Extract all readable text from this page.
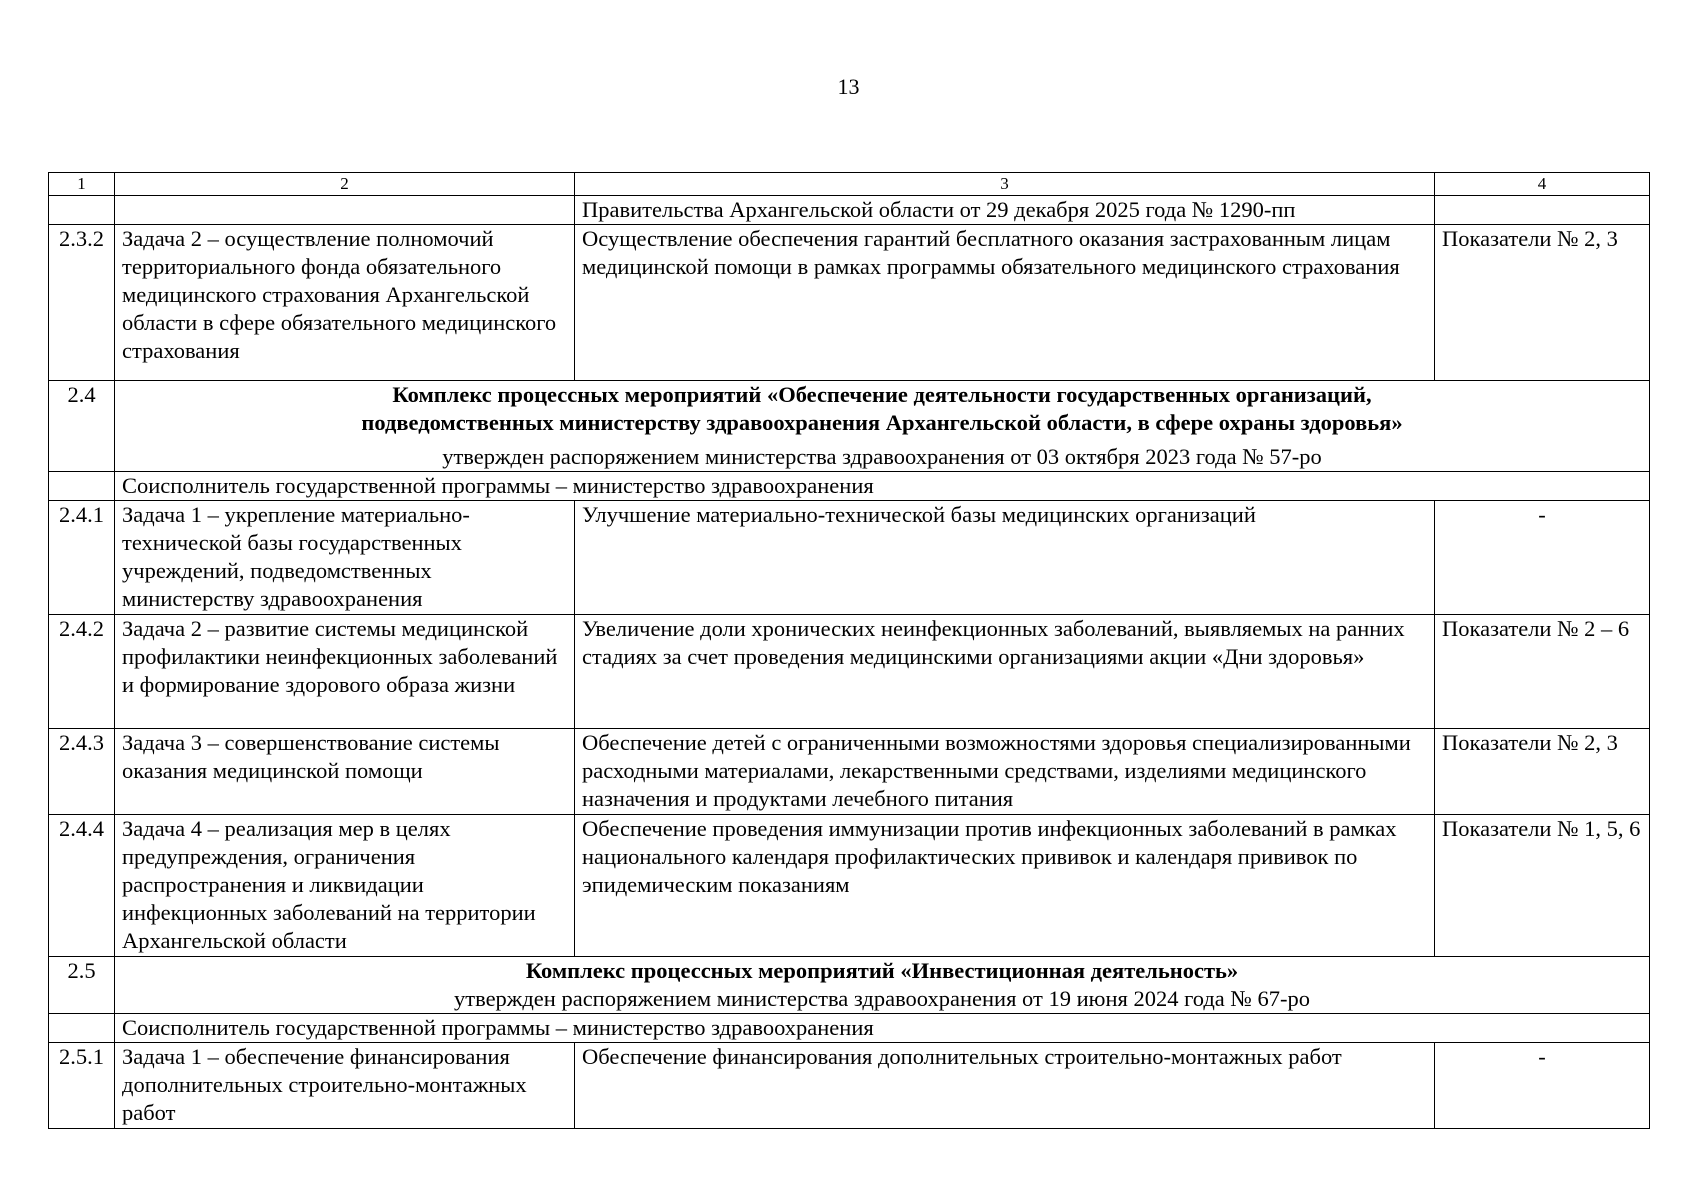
13
1	2	3	4
		Правительства Архангельской области от 29 декабря 2025 года № 1290-пп	
2.3.2	Задача 2 – осуществление полномочий территориального фонда обязательного медицинского страхования Архангельской области в сфере обязательного медицинского страхования	Осуществление обеспечения гарантий бесплатного оказания застрахованным лицам медицинской помощи в рамках программы обязательного медицинского страхования	Показатели № 2, 3
2.4	Комплекс процессных мероприятий «Обеспечение деятельности государственных организаций,
подведомственных министерству здравоохранения Архангельской области, в сфере охраны здоровья»
утвержден распоряжением министерства здравоохранения от 03 октября 2023 года № 57-ро		

	Соисполнитель государственной программы – министерство здравоохранения		
2.4.1	Задача 1 – укрепление материально-технической базы государственных учреждений, подведомственных министерству здравоохранения	Улучшение материально-технической базы медицинских организаций	-
2.4.2	Задача 2 – развитие системы медицинской профилактики неинфекционных заболеваний и формирование здорового образа жизни	Увеличение доли хронических неинфекционных заболеваний, выявляемых на ранних стадиях за счет проведения медицинскими организациями акции «Дни здоровья»	Показатели № 2 – 6
2.4.3	Задача 3 – совершенствование системы оказания медицинской помощи	Обеспечение детей с ограниченными возможностями здоровья специализированными расходными материалами, лекарственными средствами, изделиями медицинского назначения и продуктами лечебного питания	Показатели № 2, 3
2.4.4	Задача 4 – реализация мер в целях предупреждения, ограничения распространения и ликвидации инфекционных заболеваний на территории Архангельской области	Обеспечение проведения иммунизации против инфекционных заболеваний в рамках национального календаря профилактических прививок и календаря прививок по эпидемическим показаниям	Показатели № 1, 5, 6
2.5	Комплекс процессных мероприятий «Инвестиционная деятельность»
утвержден распоряжением министерства здравоохранения от 19 июня 2024 года № 67-ро		

	Соисполнитель государственной программы – министерство здравоохранения		
2.5.1	Задача 1 – обеспечение финансирования дополнительных строительно-монтажных работ	Обеспечение финансирования дополнительных строительно-монтажных работ	-
